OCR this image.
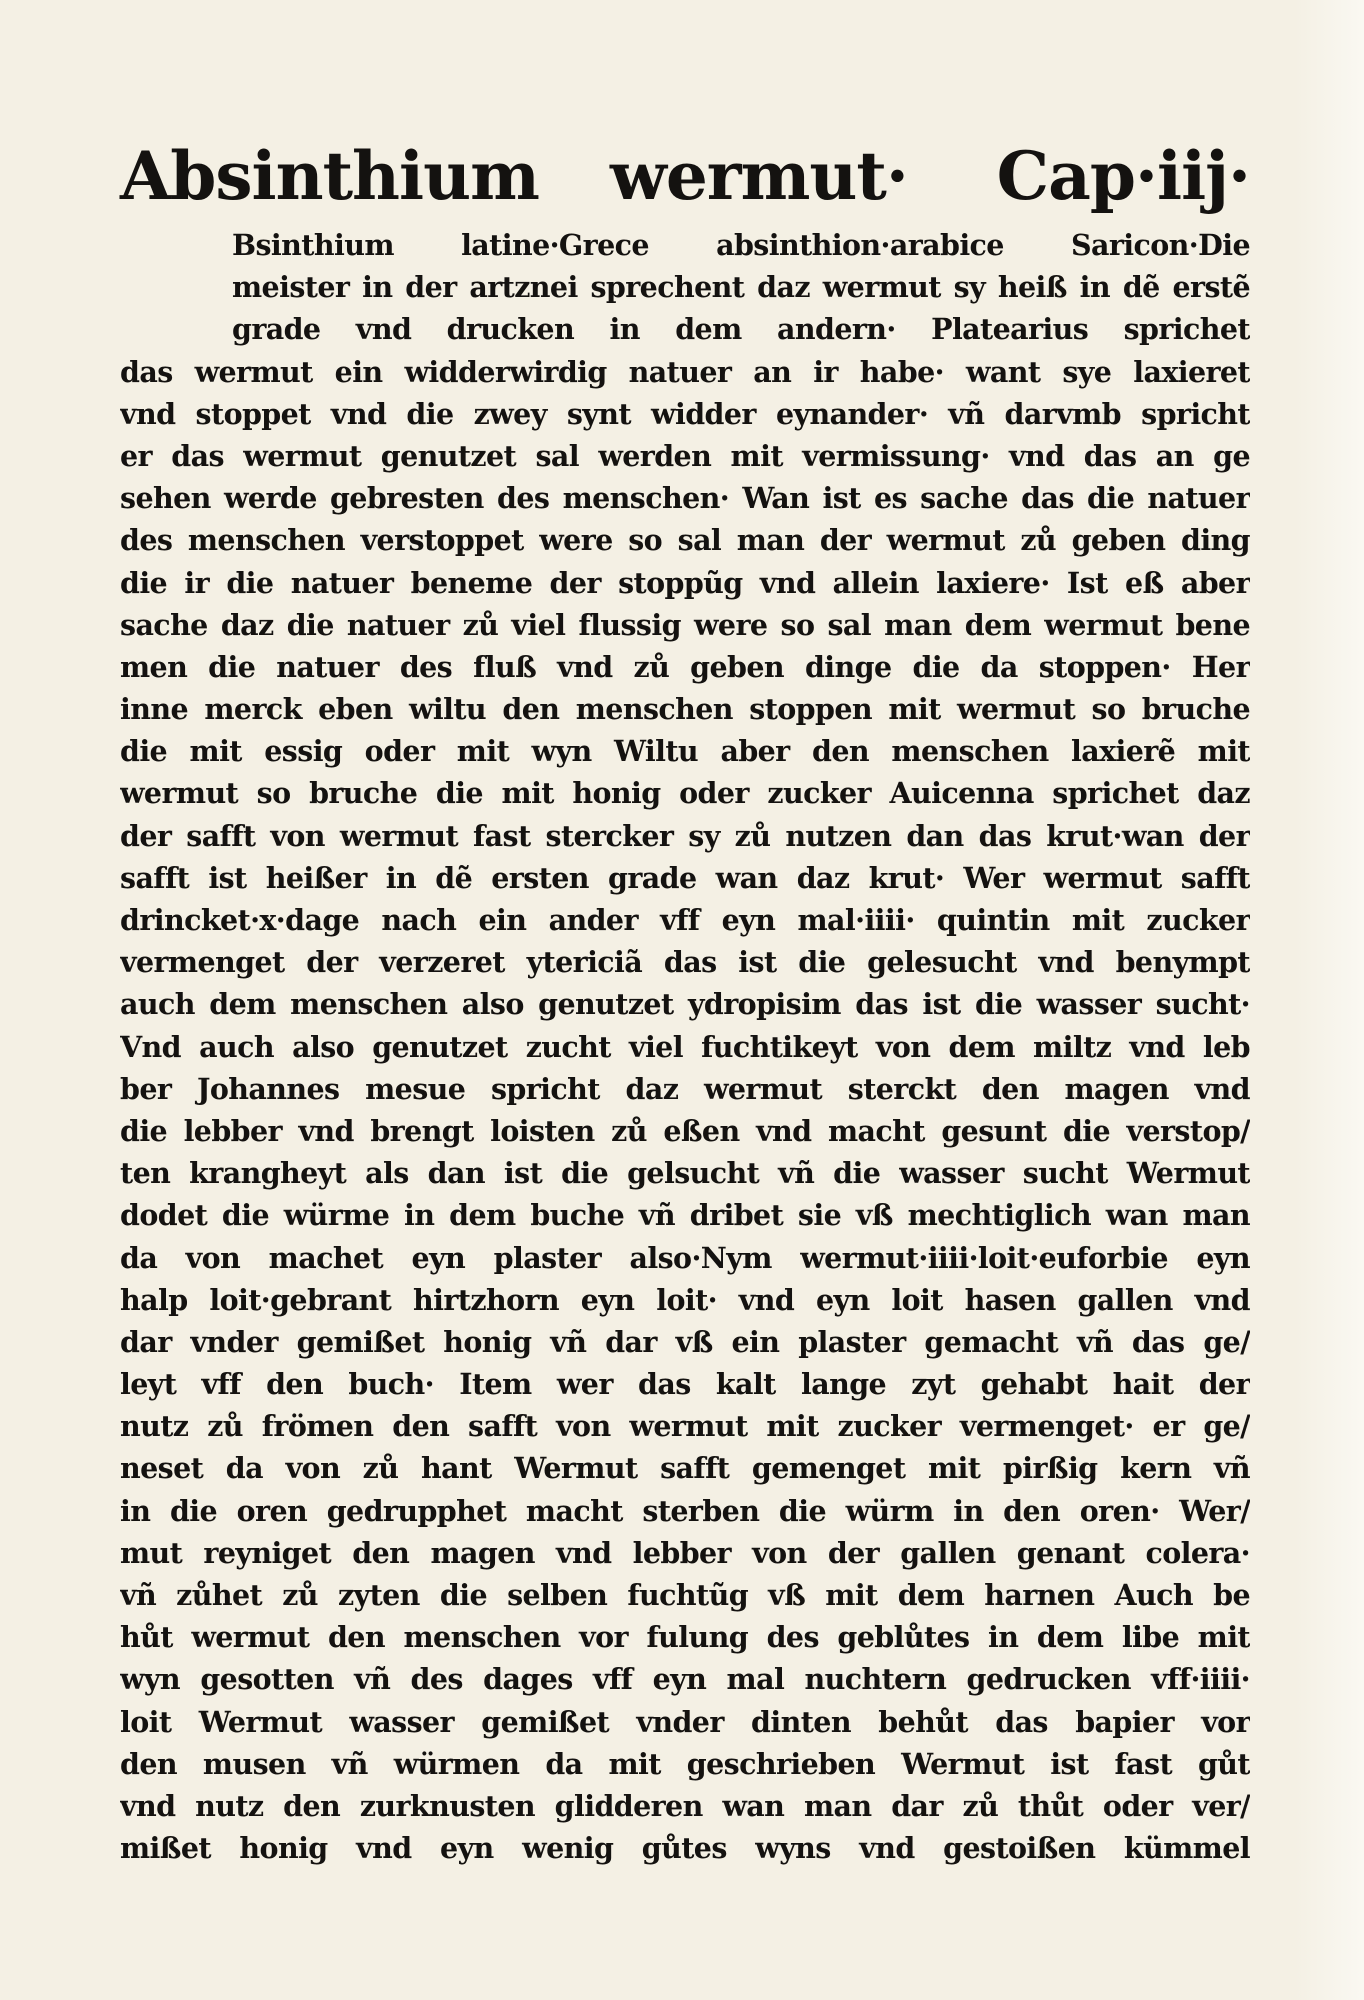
Absinthium wermut· Cap·iij·
Bsinthium latine·Grece absinthion·arabice Saricon·Die
meister in der artznei sprechent daz wermut sy heiß in dẽ erstẽ
grade vnd drucken in dem andern· Platearius sprichet
das wermut ein widderwirdig natuer an ir habe· want sye laxieret
vnd stoppet vnd die zwey synt widder eynander· vñ darvmb spricht
er das wermut genutzet sal werden mit vermissung· vnd das an ge
sehen werde gebresten des menschen· Wan ist es sache das die natuer
des menschen verstoppet were so sal man der wermut zů geben ding
die ir die natuer beneme der stoppũg vnd allein laxiere· Ist eß aber
sache daz die natuer zů viel flussig were so sal man dem wermut bene
men die natuer des fluß vnd zů geben dinge die da stoppen· Her
inne merck eben wiltu den menschen stoppen mit wermut so bruche
die mit essig oder mit wyn Wiltu aber den menschen laxierẽ mit
wermut so bruche die mit honig oder zucker Auicenna sprichet daz
der safft von wermut fast stercker sy zů nutzen dan das krut·wan der
safft ist heißer in dẽ ersten grade wan daz krut· Wer wermut safft
drincket·x·dage nach ein ander vff eyn mal·iiii· quintin mit zucker
vermenget der verzeret ytericiã das ist die gelesucht vnd benympt
auch dem menschen also genutzet ydropisim das ist die wasser sucht·
Vnd auch also genutzet zucht viel fuchtikeyt von dem miltz vnd leb
ber Johannes mesue spricht daz wermut sterckt den magen vnd
die lebber vnd brengt loisten zů eßen vnd macht gesunt die verstop/
ten krangheyt als dan ist die gelsucht vñ die wasser sucht Wermut
dodet die würme in dem buche vñ dribet sie vß mechtiglich wan man
da von machet eyn plaster also·Nym wermut·iiii·loit·euforbie eyn
halp loit·gebrant hirtzhorn eyn loit· vnd eyn loit hasen gallen vnd
dar vnder gemißet honig vñ dar vß ein plaster gemacht vñ das ge/
leyt vff den buch· Item wer das kalt lange zyt gehabt hait der
nutz zů frömen den safft von wermut mit zucker vermenget· er ge/
neset da von zů hant Wermut safft gemenget mit pirßig kern vñ
in die oren gedrupphet macht sterben die würm in den oren· Wer/
mut reyniget den magen vnd lebber von der gallen genant colera·
vñ zůhet zů zyten die selben fuchtũg vß mit dem harnen Auch be
hůt wermut den menschen vor fulung des geblůtes in dem libe mit
wyn gesotten vñ des dages vff eyn mal nuchtern gedrucken vff·iiii·
loit Wermut wasser gemißet vnder dinten behůt das bapier vor
den musen vñ würmen da mit geschrieben Wermut ist fast gůt
vnd nutz den zurknusten glidderen wan man dar zů thůt oder ver/
mißet honig vnd eyn wenig gůtes wyns vnd gestoißen kümmel
